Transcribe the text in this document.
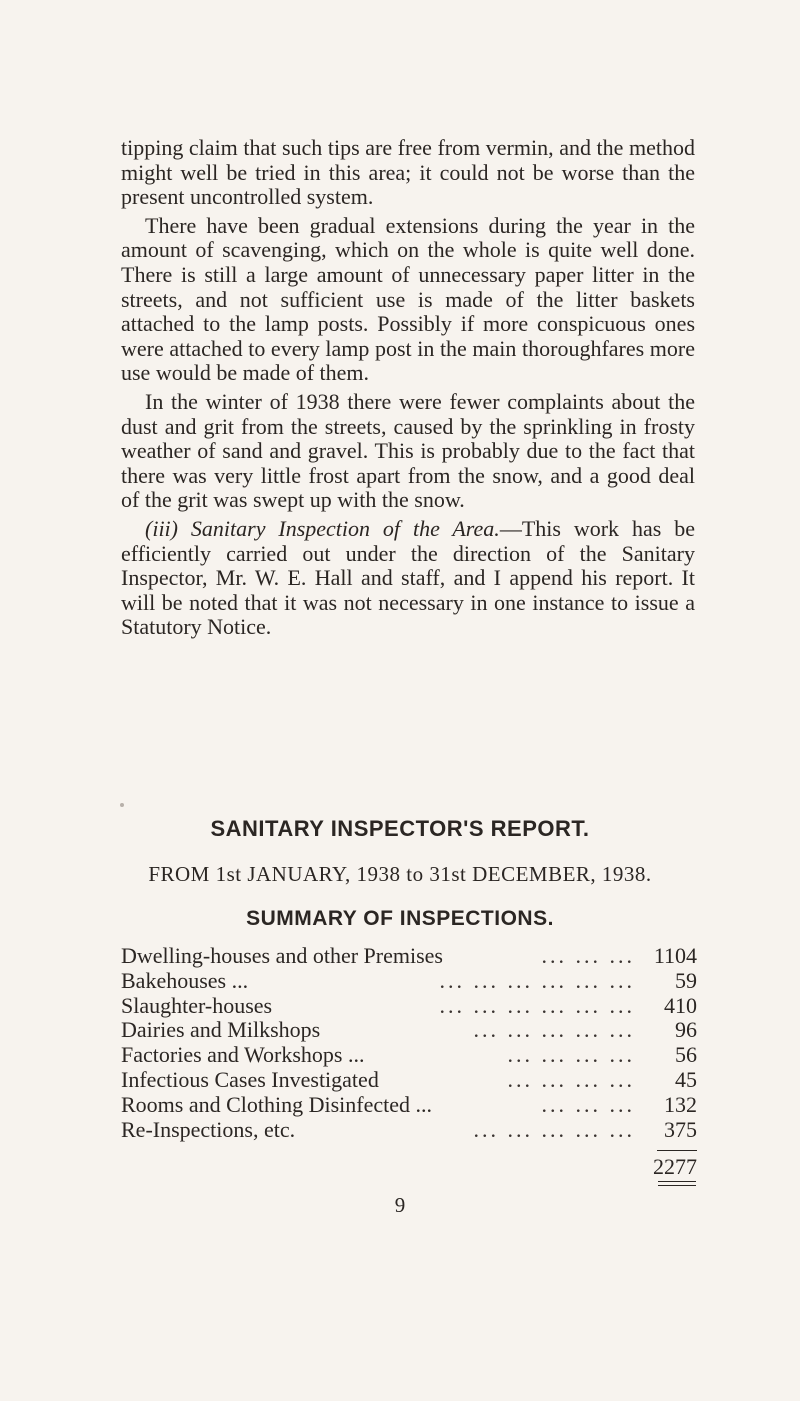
tipping claim that such tips are free from vermin, and the method might well be tried in this area; it could not be worse than the present uncontrolled system.

There have been gradual extensions during the year in the amount of scavenging, which on the whole is quite well done. There is still a large amount of unnecessary paper litter in the streets, and not sufficient use is made of the litter baskets attached to the lamp posts. Possibly if more conspicuous ones were attached to every lamp post in the main thoroughfares more use would be made of them.

In the winter of 1938 there were fewer complaints about the dust and grit from the streets, caused by the sprinkling in frosty weather of sand and gravel. This is probably due to the fact that there was very little frost apart from the snow, and a good deal of the grit was swept up with the snow.

(iii) Sanitary Inspection of the Area.—This work has be efficiently carried out under the direction of the Sanitary Inspector, Mr. W. E. Hall and staff, and I append his report. It will be noted that it was not necessary in one instance to issue a Statutory Notice.

SANITARY INSPECTOR'S REPORT.
FROM 1st JANUARY, 1938 to 31st DECEMBER, 1938.
SUMMARY OF INSPECTIONS.
Dwelling-houses and other Premises	... ... ... 1104
Bakehouses ...	... ... ... ... ... ... 59
Slaughter-houses	... ... ... ... ... ... 410
Dairies and Milkshops	... ... ... ... ... 96
Factories and Workshops ...	... ... ... ... 56
Infectious Cases Investigated	... ... ... ... 45
Rooms and Clothing Disinfected ...	... ... ... 132
Re-Inspections, etc.	... ... ... ... ... 375
2277
9
